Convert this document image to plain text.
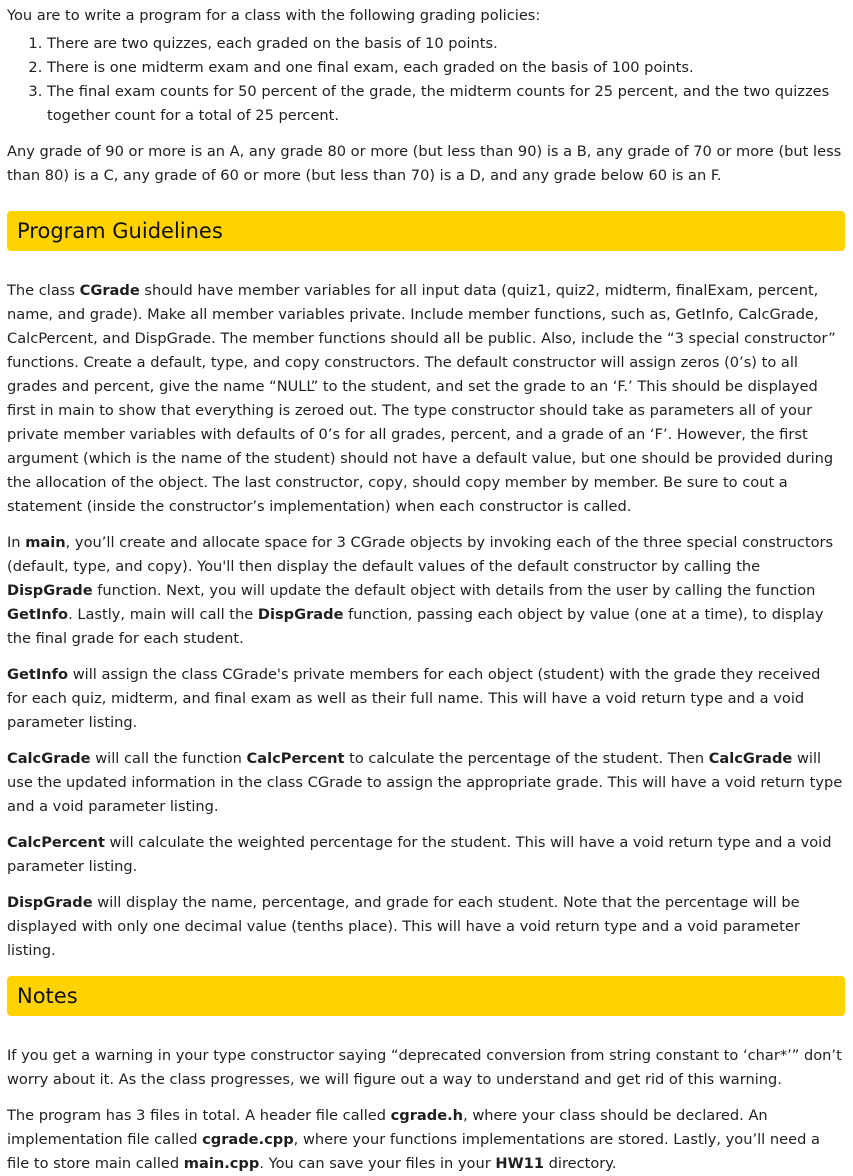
You are to write a program for a class with the following grading policies:

1. There are two quizzes, each graded on the basis of 10 points.
2. There is one midterm exam and one final exam, each graded on the basis of 100 points.
3. The final exam counts for 50 percent of the grade, the midterm counts for 25 percent, and the two quizzes together count for a total of 25 percent.

Any grade of 90 or more is an A, any grade 80 or more (but less than 90) is a B, any grade of 70 or more (but less than 80) is a C, any grade of 60 or more (but less than 70) is a D, and any grade below 60 is an F.

Program Guidelines

The class CGrade should have member variables for all input data (quiz1, quiz2, midterm, finalExam, percent, name, and grade). Make all member variables private. Include member functions, such as, GetInfo, CalcGrade, CalcPercent, and DispGrade. The member functions should all be public. Also, include the “3 special constructor” functions. Create a default, type, and copy constructors. The default constructor will assign zeros (0’s) to all grades and percent, give the name “NULL” to the student, and set the grade to an ‘F.’ This should be displayed first in main to show that everything is zeroed out. The type constructor should take as parameters all of your private member variables with defaults of 0’s for all grades, percent, and a grade of an ‘F’. However, the first argument (which is the name of the student) should not have a default value, but one should be provided during the allocation of the object. The last constructor, copy, should copy member by member. Be sure to cout a statement (inside the constructor’s implementation) when each constructor is called.

In main, you’ll create and allocate space for 3 CGrade objects by invoking each of the three special constructors (default, type, and copy). You'll then display the default values of the default constructor by calling the DispGrade function. Next, you will update the default object with details from the user by calling the function GetInfo. Lastly, main will call the DispGrade function, passing each object by value (one at a time), to display the final grade for each student.

GetInfo will assign the class CGrade's private members for each object (student) with the grade they received for each quiz, midterm, and final exam as well as their full name. This will have a void return type and a void parameter listing.

CalcGrade will call the function CalcPercent to calculate the percentage of the student. Then CalcGrade will use the updated information in the class CGrade to assign the appropriate grade. This will have a void return type and a void parameter listing.

CalcPercent will calculate the weighted percentage for the student. This will have a void return type and a void parameter listing.

DispGrade will display the name, percentage, and grade for each student. Note that the percentage will be displayed with only one decimal value (tenths place). This will have a void return type and a void parameter listing.

Notes

If you get a warning in your type constructor saying “deprecated conversion from string constant to ‘char*’” don’t worry about it. As the class progresses, we will figure out a way to understand and get rid of this warning.

The program has 3 files in total. A header file called cgrade.h, where your class should be declared. An implementation file called cgrade.cpp, where your functions implementations are stored. Lastly, you’ll need a file to store main called main.cpp. You can save your files in your HW11 directory.
